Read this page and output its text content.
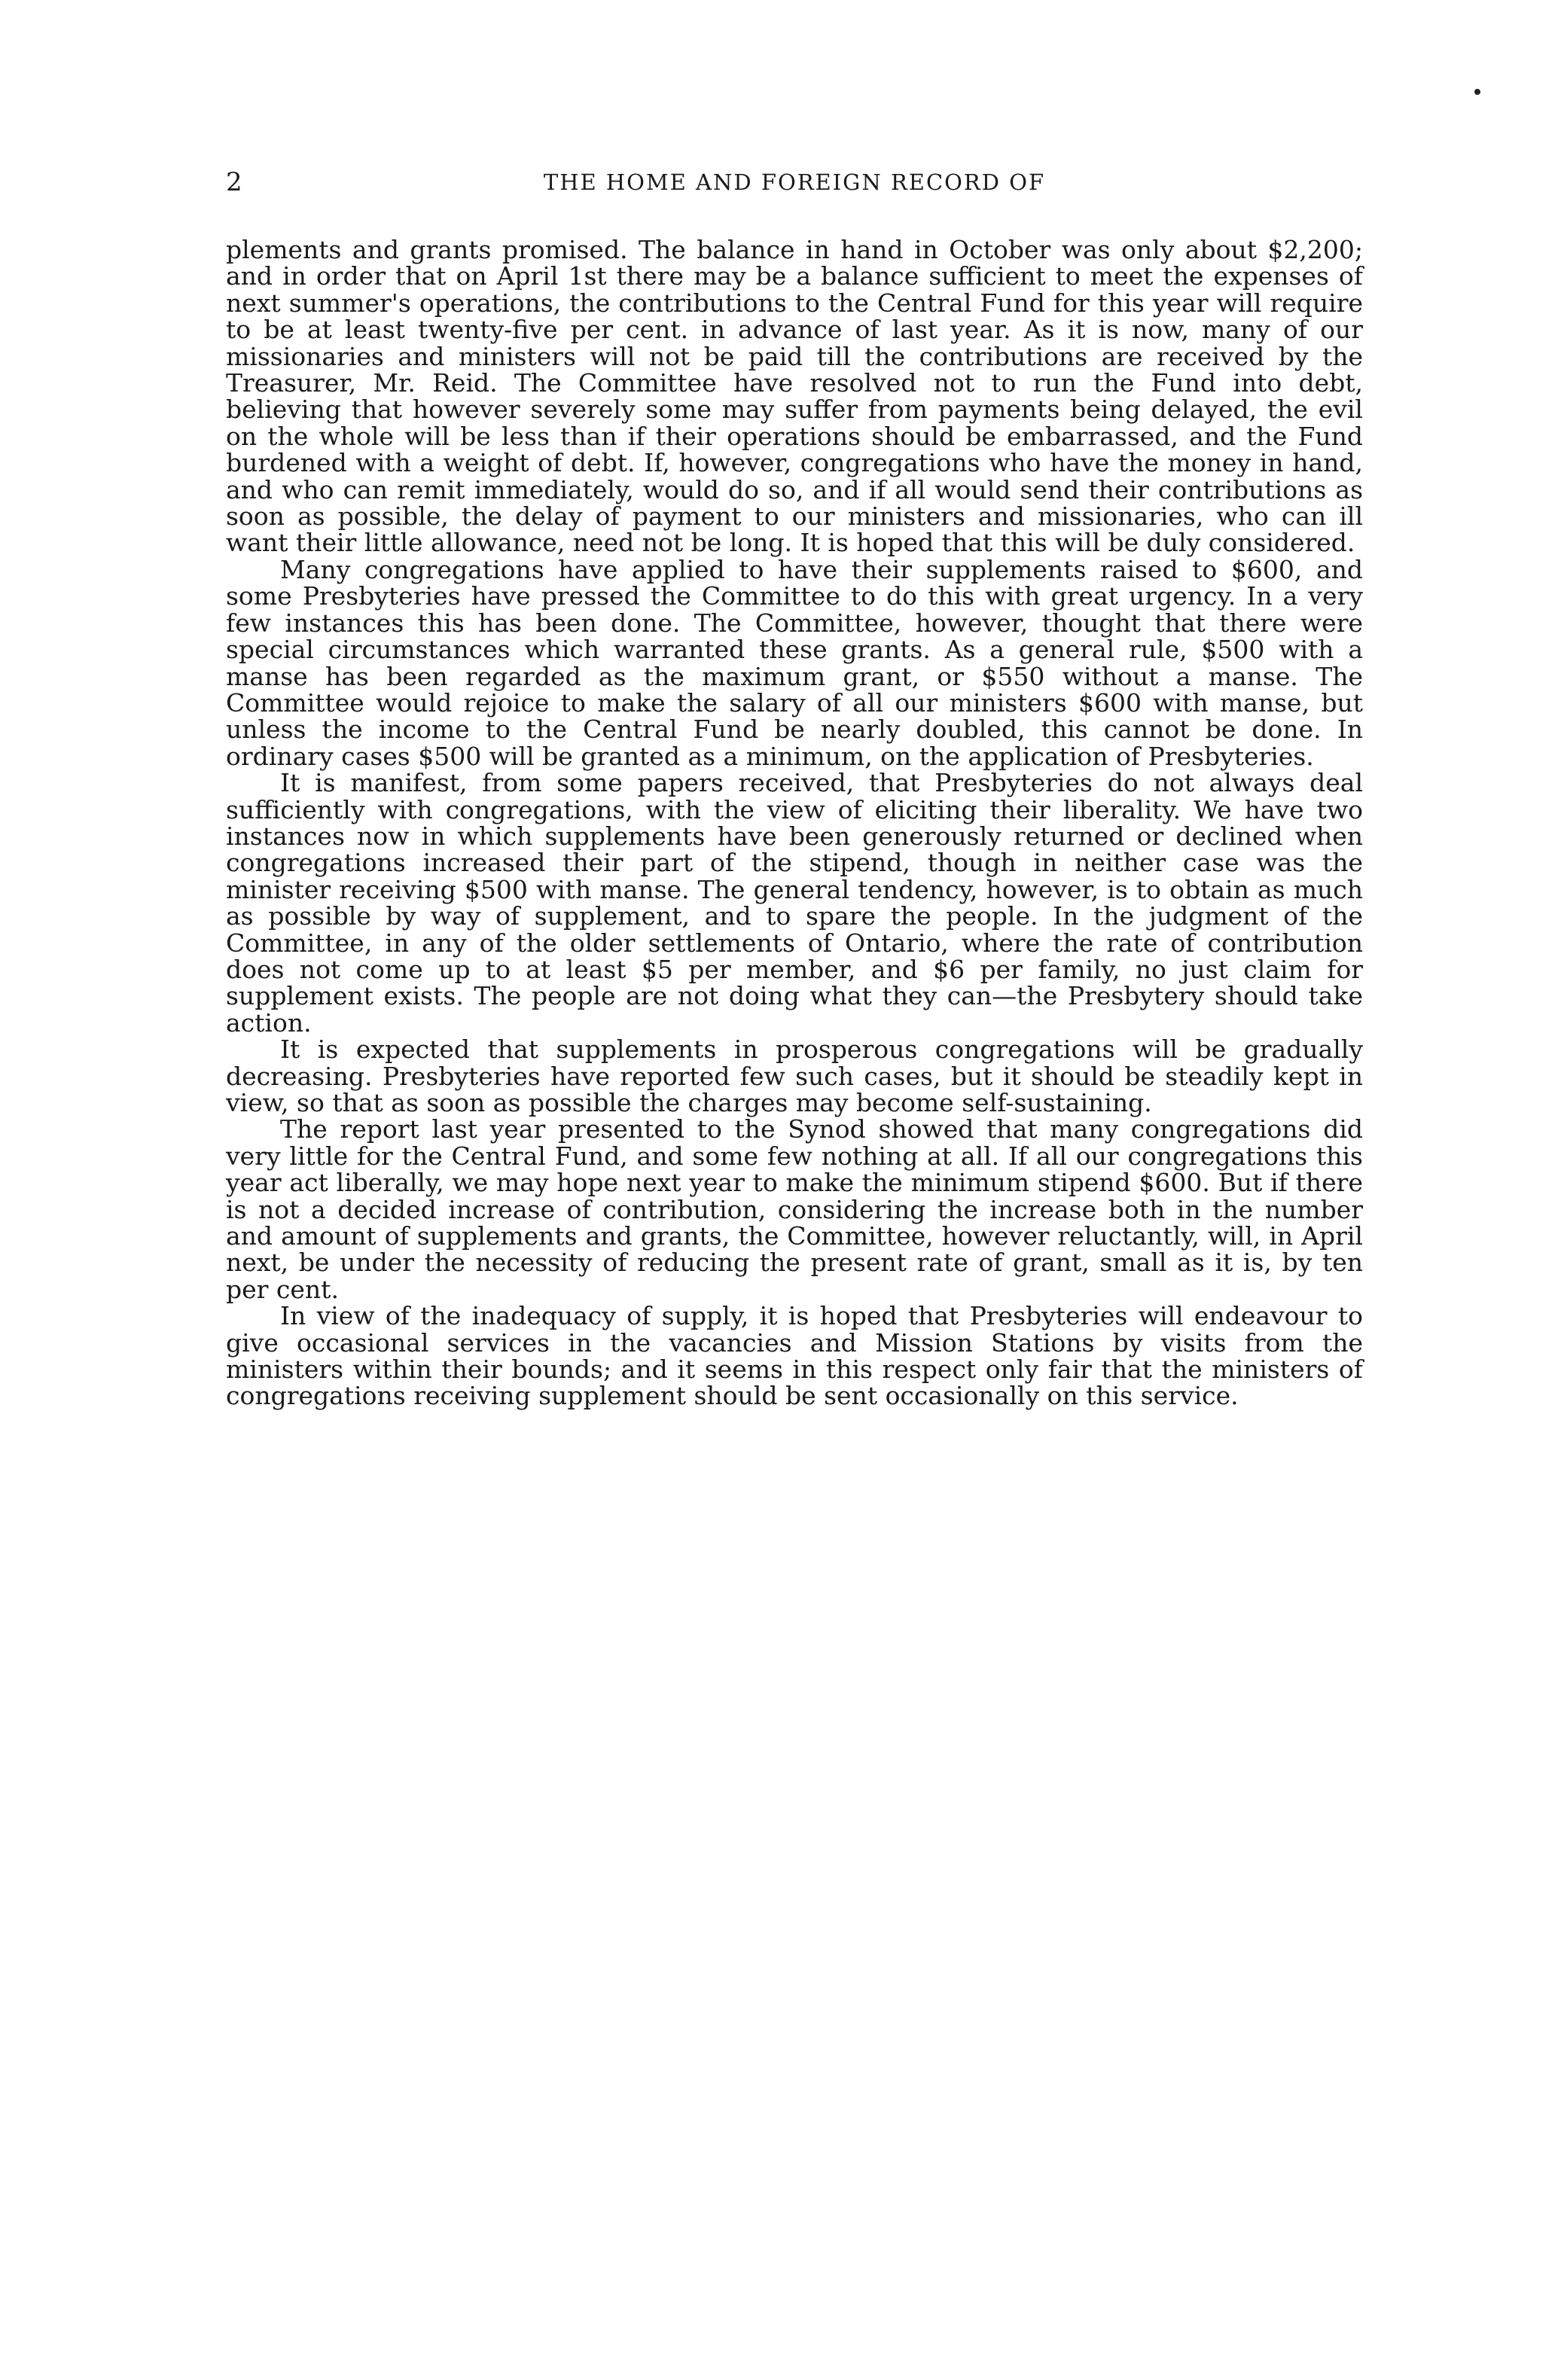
2	THE HOME AND FOREIGN RECORD OF

plements and grants promised. The balance in hand in October was only about $2,200; and in order that on April 1st there may be a balance sufficient to meet the expenses of next summer's operations, the contributions to the Central Fund for this year will require to be at least twenty-five per cent. in advance of last year. As it is now, many of our missionaries and ministers will not be paid till the contributions are received by the Treasurer, Mr. Reid. The Committee have resolved not to run the Fund into debt, believing that however severely some may suffer from payments being delayed, the evil on the whole will be less than if their operations should be embarrassed, and the Fund burdened with a weight of debt. If, however, congregations who have the money in hand, and who can remit immediately, would do so, and if all would send their contributions as soon as possible, the delay of payment to our ministers and missionaries, who can ill want their little allowance, need not be long. It is hoped that this will be duly considered.

Many congregations have applied to have their supplements raised to $600, and some Presbyteries have pressed the Committee to do this with great urgency. In a very few instances this has been done. The Committee, however, thought that there were special circumstances which warranted these grants. As a general rule, $500 with a manse has been regarded as the maximum grant, or $550 without a manse. The Committee would rejoice to make the salary of all our ministers $600 with manse, but unless the income to the Central Fund be nearly doubled, this cannot be done. In ordinary cases $500 will be granted as a minimum, on the application of Presbyteries.

It is manifest, from some papers received, that Presbyteries do not always deal sufficiently with congregations, with the view of eliciting their liberality. We have two instances now in which supplements have been generously returned or declined when congregations increased their part of the stipend, though in neither case was the minister receiving $500 with manse. The general tendency, however, is to obtain as much as possible by way of supplement, and to spare the people. In the judgment of the Committee, in any of the older settlements of Ontario, where the rate of contribution does not come up to at least $5 per member, and $6 per family, no just claim for supplement exists. The people are not doing what they can—the Presbytery should take action.

It is expected that supplements in prosperous congregations will be gradually decreasing. Presbyteries have reported few such cases, but it should be steadily kept in view, so that as soon as possible the charges may become self-sustaining.

The report last year presented to the Synod showed that many congregations did very little for the Central Fund, and some few nothing at all. If all our congregations this year act liberally, we may hope next year to make the minimum stipend $600. But if there is not a decided increase of contribution, considering the increase both in the number and amount of supplements and grants, the Committee, however reluctantly, will, in April next, be under the necessity of reducing the present rate of grant, small as it is, by ten per cent.

In view of the inadequacy of supply, it is hoped that Presbyteries will endeavour to give occasional services in the vacancies and Mission Stations by visits from the ministers within their bounds; and it seems in this respect only fair that the ministers of congregations receiving supplement should be sent occasionally on this service.
